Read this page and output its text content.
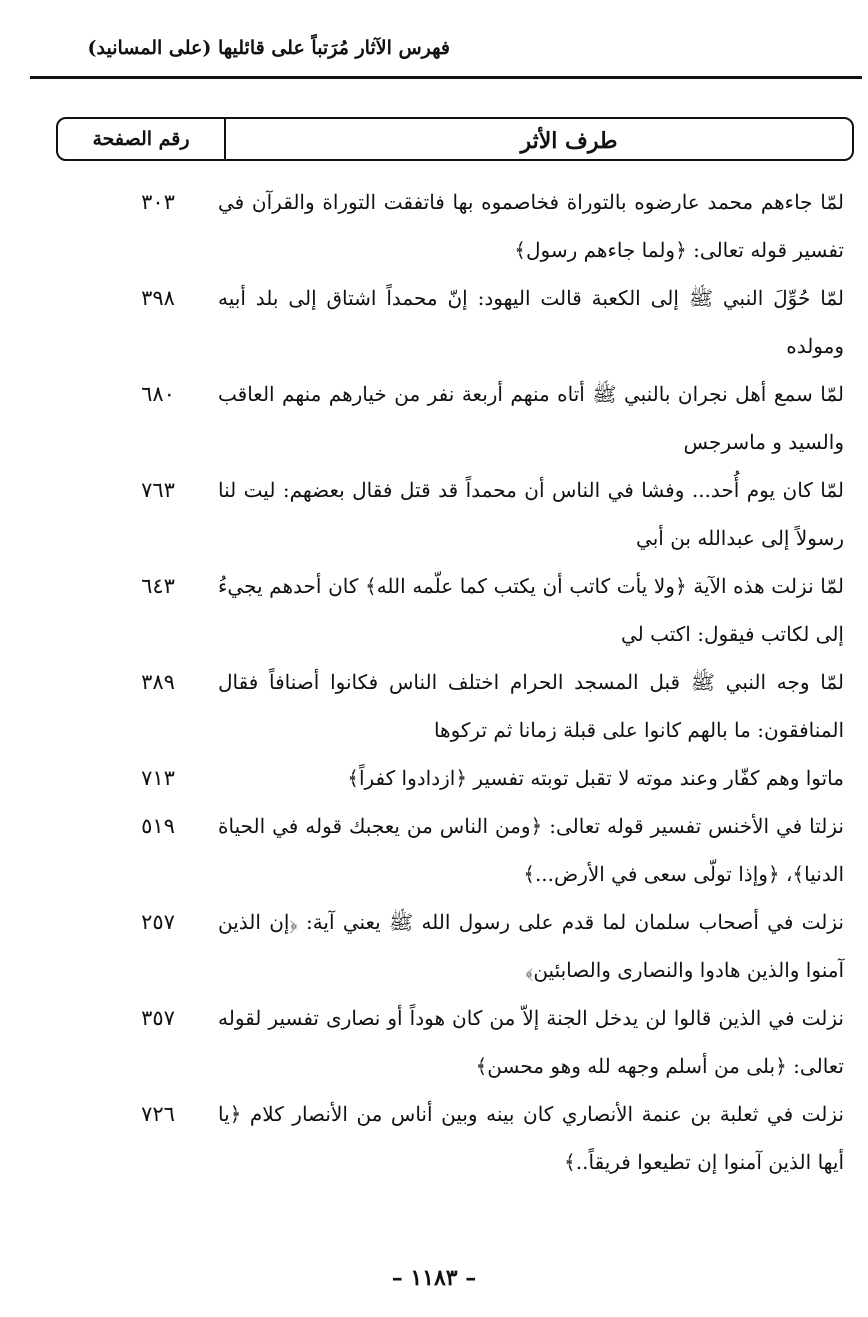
فهرس الآثار مُرَتباً على قائليها (على المسانيد)
رقم الصفحة	طرف الأثر
لمّا جاءهم محمد عارضوه بالتوراة فخاصموه بها فاتفقت التوراة والقرآن في تفسير قوله تعالى: ﴿ولما جاءهم رسول﴾
٣٠٣
لمّا حُوِّلَ النبي ﷺ إلى الكعبة قالت اليهود: إنّ محمداً اشتاق إلى بلد أبيه ومولده
٣٩٨
لمّا سمع أهل نجران بالنبي ﷺ أتاه منهم أربعة نفر من خيارهم منهم العاقب والسيد و ماسرجس
٦٨٠
لمّا كان يوم أُحد... وفشا في الناس أن محمداً قد قتل فقال بعضهم: ليت لنا رسولاً إلى عبدالله بن أبي
٧٦٣
لمّا نزلت هذه الآية ﴿ولا يأت كاتب أن يكتب كما علّمه الله﴾ كان أحدهم يجيءُ إلى لكاتب فيقول: اكتب لي
٦٤٣
لمّا وجه النبي ﷺ قبل المسجد الحرام اختلف الناس فكانوا أصنافاً فقال المنافقون: ما بالهم كانوا على قبلة زمانا ثم تركوها
٣٨٩
ماتوا وهم كفّار وعند موته لا تقبل توبته تفسير ﴿ازدادوا كفراً﴾
٧١٣
نزلتا في الأخنس تفسير قوله تعالى: ﴿ومن الناس من يعجبك قوله في الحياة الدنيا﴾، ﴿وإذا تولّى سعى في الأرض...﴾
٥١٩
نزلت في أصحاب سلمان لما قدم على رسول الله ﷺ يعني آية: ﴿إن الذين آمنوا والذين هادوا والنصارى والصابئين﴾
٢٥٧
نزلت في الذين قالوا لن يدخل الجنة إلاّ من كان هوداً أو نصارى تفسير لقوله تعالى: ﴿بلى من أسلم وجهه لله وهو محسن﴾
٣٥٧
نزلت في ثعلبة بن عنمة الأنصاري كان بينه وبين أناس من الأنصار كلام ﴿يا أيها الذين آمنوا إن تطيعوا فريقاً..﴾
٧٢٦
– ١١٨٣ –
